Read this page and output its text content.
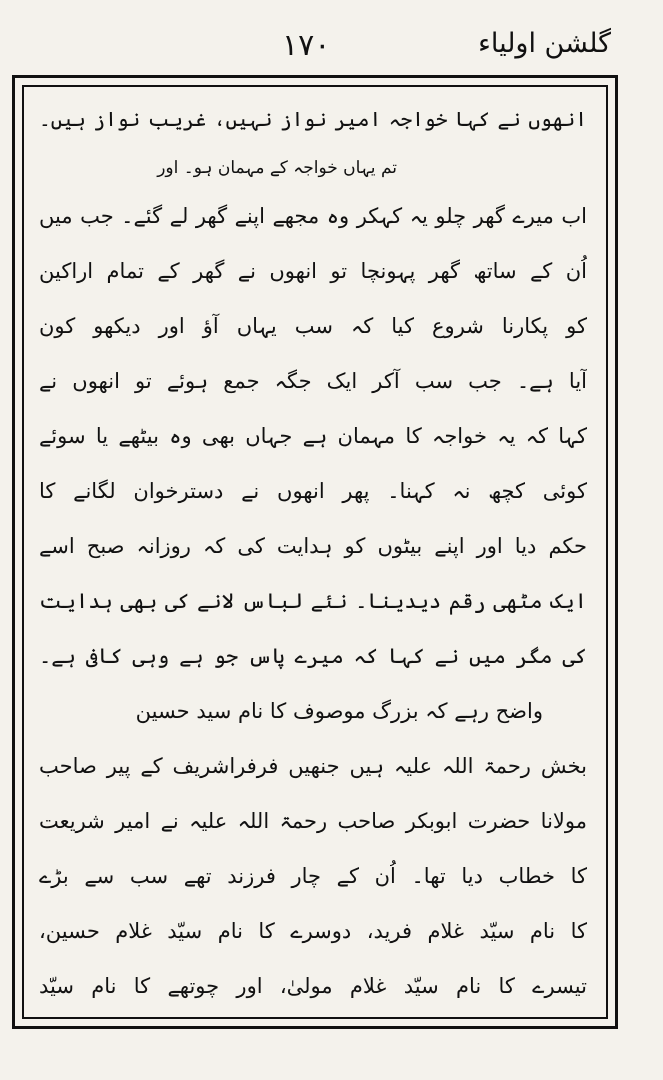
۱۷۰	گلشن اولیاء
انھوں نے کہا خواجہ امیر نواز نہیں، غریب نواز ہیں۔
تم یہاں خواجہ کے مہمان ہو۔ اور
اب میرے گھر چلو یہ کہکر وہ مجھے اپنے گھر لے گئے۔ جب میں
اُن کے ساتھ گھر پہونچا تو انھوں نے گھر کے تمام اراکین
کو پکارنا شروع کیا کہ سب یہاں آؤ اور دیکھو کون
آیا ہے۔ جب سب آکر ایک جگہ جمع ہوئے تو انھوں نے
کہا کہ یہ خواجہ کا مہمان ہے جہاں بھی وہ بیٹھے یا سوئے
کوئی کچھ نہ کہنا۔ پھر انھوں نے دسترخوان لگانے کا
حکم دیا اور اپنے بیٹوں کو ہدایت کی کہ روزانہ صبح اسے
ایک مٹھی رقم دیدینا۔ نئے لباس لانے کی بھی ہدایت
کی مگر میں نے کہا کہ میرے پاس جو ہے وہی کافی ہے۔
واضح رہے کہ بزرگ موصوف کا نام سید حسین
بخش رحمۃ اللہ علیہ ہیں جنھیں فرفراشریف کے پیر صاحب
مولانا حضرت ابوبکر صاحب رحمۃ اللہ علیہ نے امیر شریعت
کا خطاب دیا تھا۔ اُن کے چار فرزند تھے سب سے بڑے
کا نام سیّد غلام فرید، دوسرے کا نام سیّد غلام حسین،
تیسرے کا نام سیّد غلام مولیٰ، اور چوتھے کا نام سیّد
